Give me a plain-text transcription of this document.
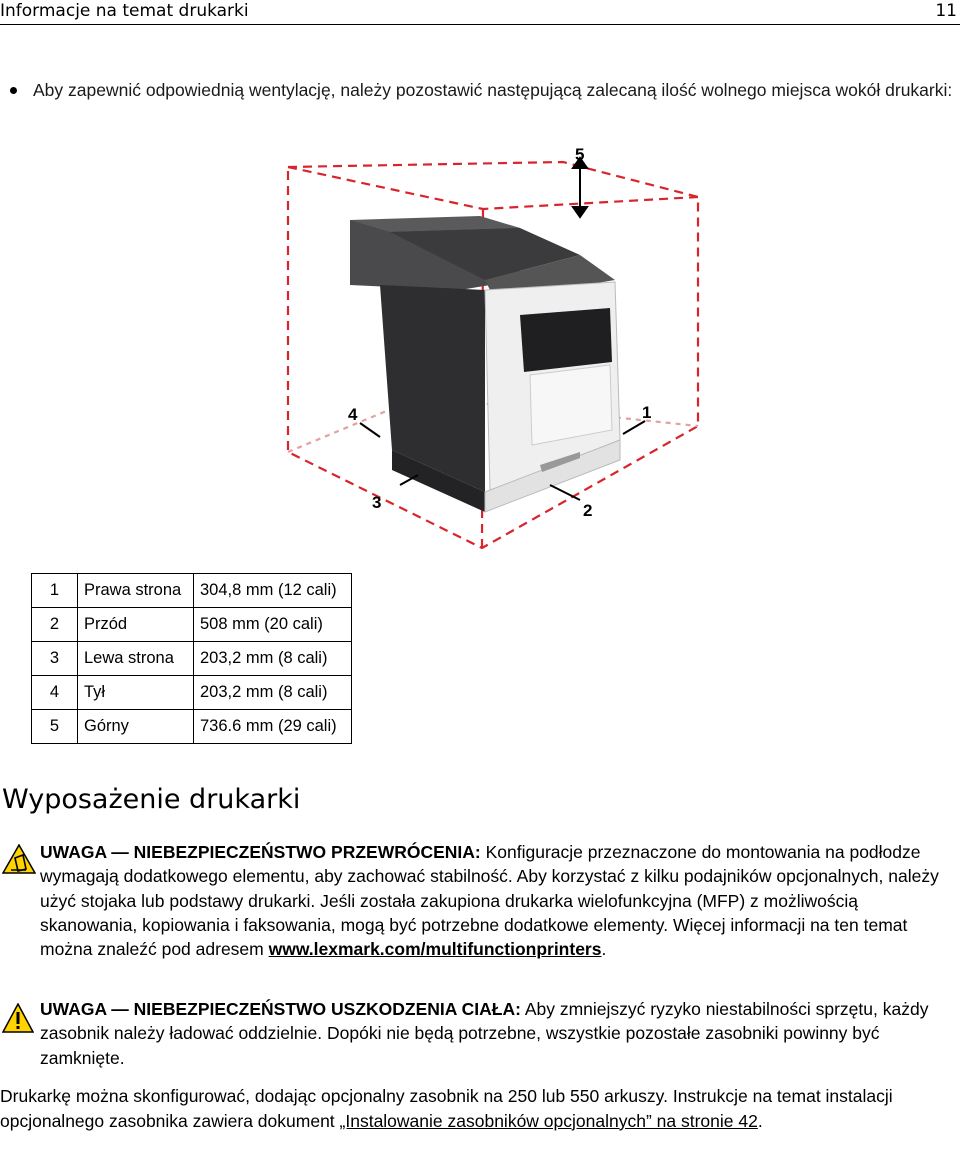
Informacje na temat drukarki	11
Aby zapewnić odpowiednią wentylację, należy pozostawić następującą zalecaną ilość wolnego miejsca wokół drukarki:
5
4	1
3	2
1	Prawa strona	304,8 mm (12 cali)
2	Przód	508 mm (20 cali)
3	Lewa strona	203,2 mm (8 cali)
4	Tył	203,2 mm (8 cali)
5	Górny	736.6 mm (29 cali)
Wyposażenie drukarki
UWAGA — NIEBEZPIECZEŃSTWO PRZEWRÓCENIA: Konfiguracje przeznaczone do montowania na podłodze wymagają dodatkowego elementu, aby zachować stabilność. Aby korzystać z kilku podajników opcjonalnych, należy użyć stojaka lub podstawy drukarki. Jeśli została zakupiona drukarka wielofunkcyjna (MFP) z możliwością skanowania, kopiowania i faksowania, mogą być potrzebne dodatkowe elementy. Więcej informacji na ten temat można znaleźć pod adresem www.lexmark.com/multifunctionprinters.
UWAGA — NIEBEZPIECZEŃSTWO USZKODZENIA CIAŁA: Aby zmniejszyć ryzyko niestabilności sprzętu, każdy zasobnik należy ładować oddzielnie. Dopóki nie będą potrzebne, wszystkie pozostałe zasobniki powinny być zamknięte.
Drukarkę można skonfigurować, dodając opcjonalny zasobnik na 250 lub 550 arkuszy. Instrukcje na temat instalacji opcjonalnego zasobnika zawiera dokument „Instalowanie zasobników opcjonalnych” na stronie 42.
